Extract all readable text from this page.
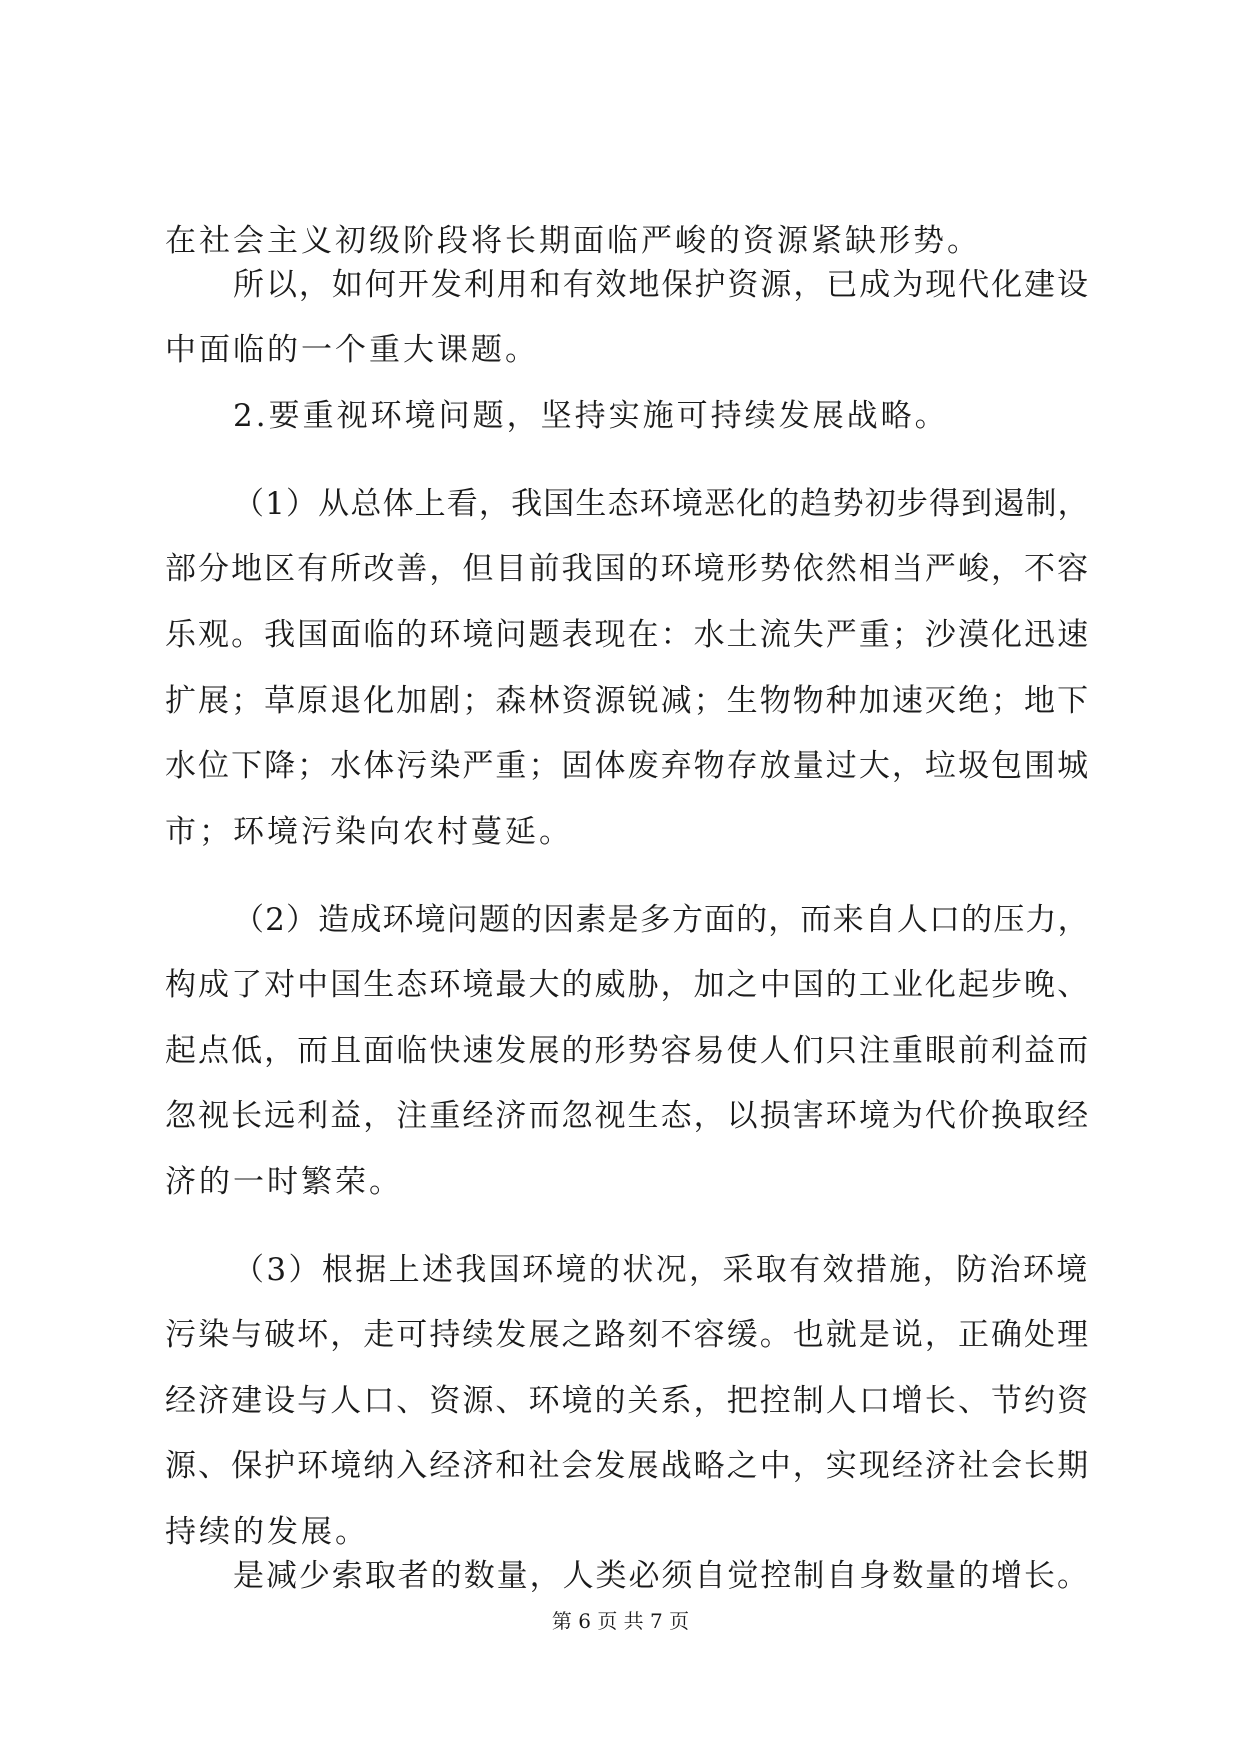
在社会主义初级阶段将长期面临严峻的资源紧缺形势。
所以，如何开发利用和有效地保护资源，已成为现代化建设
中面临的一个重大课题。
2.要重视环境问题，坚持实施可持续发展战略。
（1）从总体上看，我国生态环境恶化的趋势初步得到遏制，
部分地区有所改善，但目前我国的环境形势依然相当严峻，不容
乐观。我国面临的环境问题表现在：水土流失严重；沙漠化迅速
扩展；草原退化加剧；森林资源锐减；生物物种加速灭绝；地下
水位下降；水体污染严重；固体废弃物存放量过大，垃圾包围城
市；环境污染向农村蔓延。
（2）造成环境问题的因素是多方面的，而来自人口的压力，
构成了对中国生态环境最大的威胁，加之中国的工业化起步晚、
起点低，而且面临快速发展的形势容易使人们只注重眼前利益而
忽视长远利益，注重经济而忽视生态，以损害环境为代价换取经
济的一时繁荣。
（3）根据上述我国环境的状况，采取有效措施，防治环境
污染与破坏，走可持续发展之路刻不容缓。也就是说，正确处理
经济建设与人口、资源、环境的关系，把控制人口增长、节约资
源、保护环境纳入经济和社会发展战略之中，实现经济社会长期
持续的发展。
是减少索取者的数量，人类必须自觉控制自身数量的增长。
第 6 页 共 7 页
